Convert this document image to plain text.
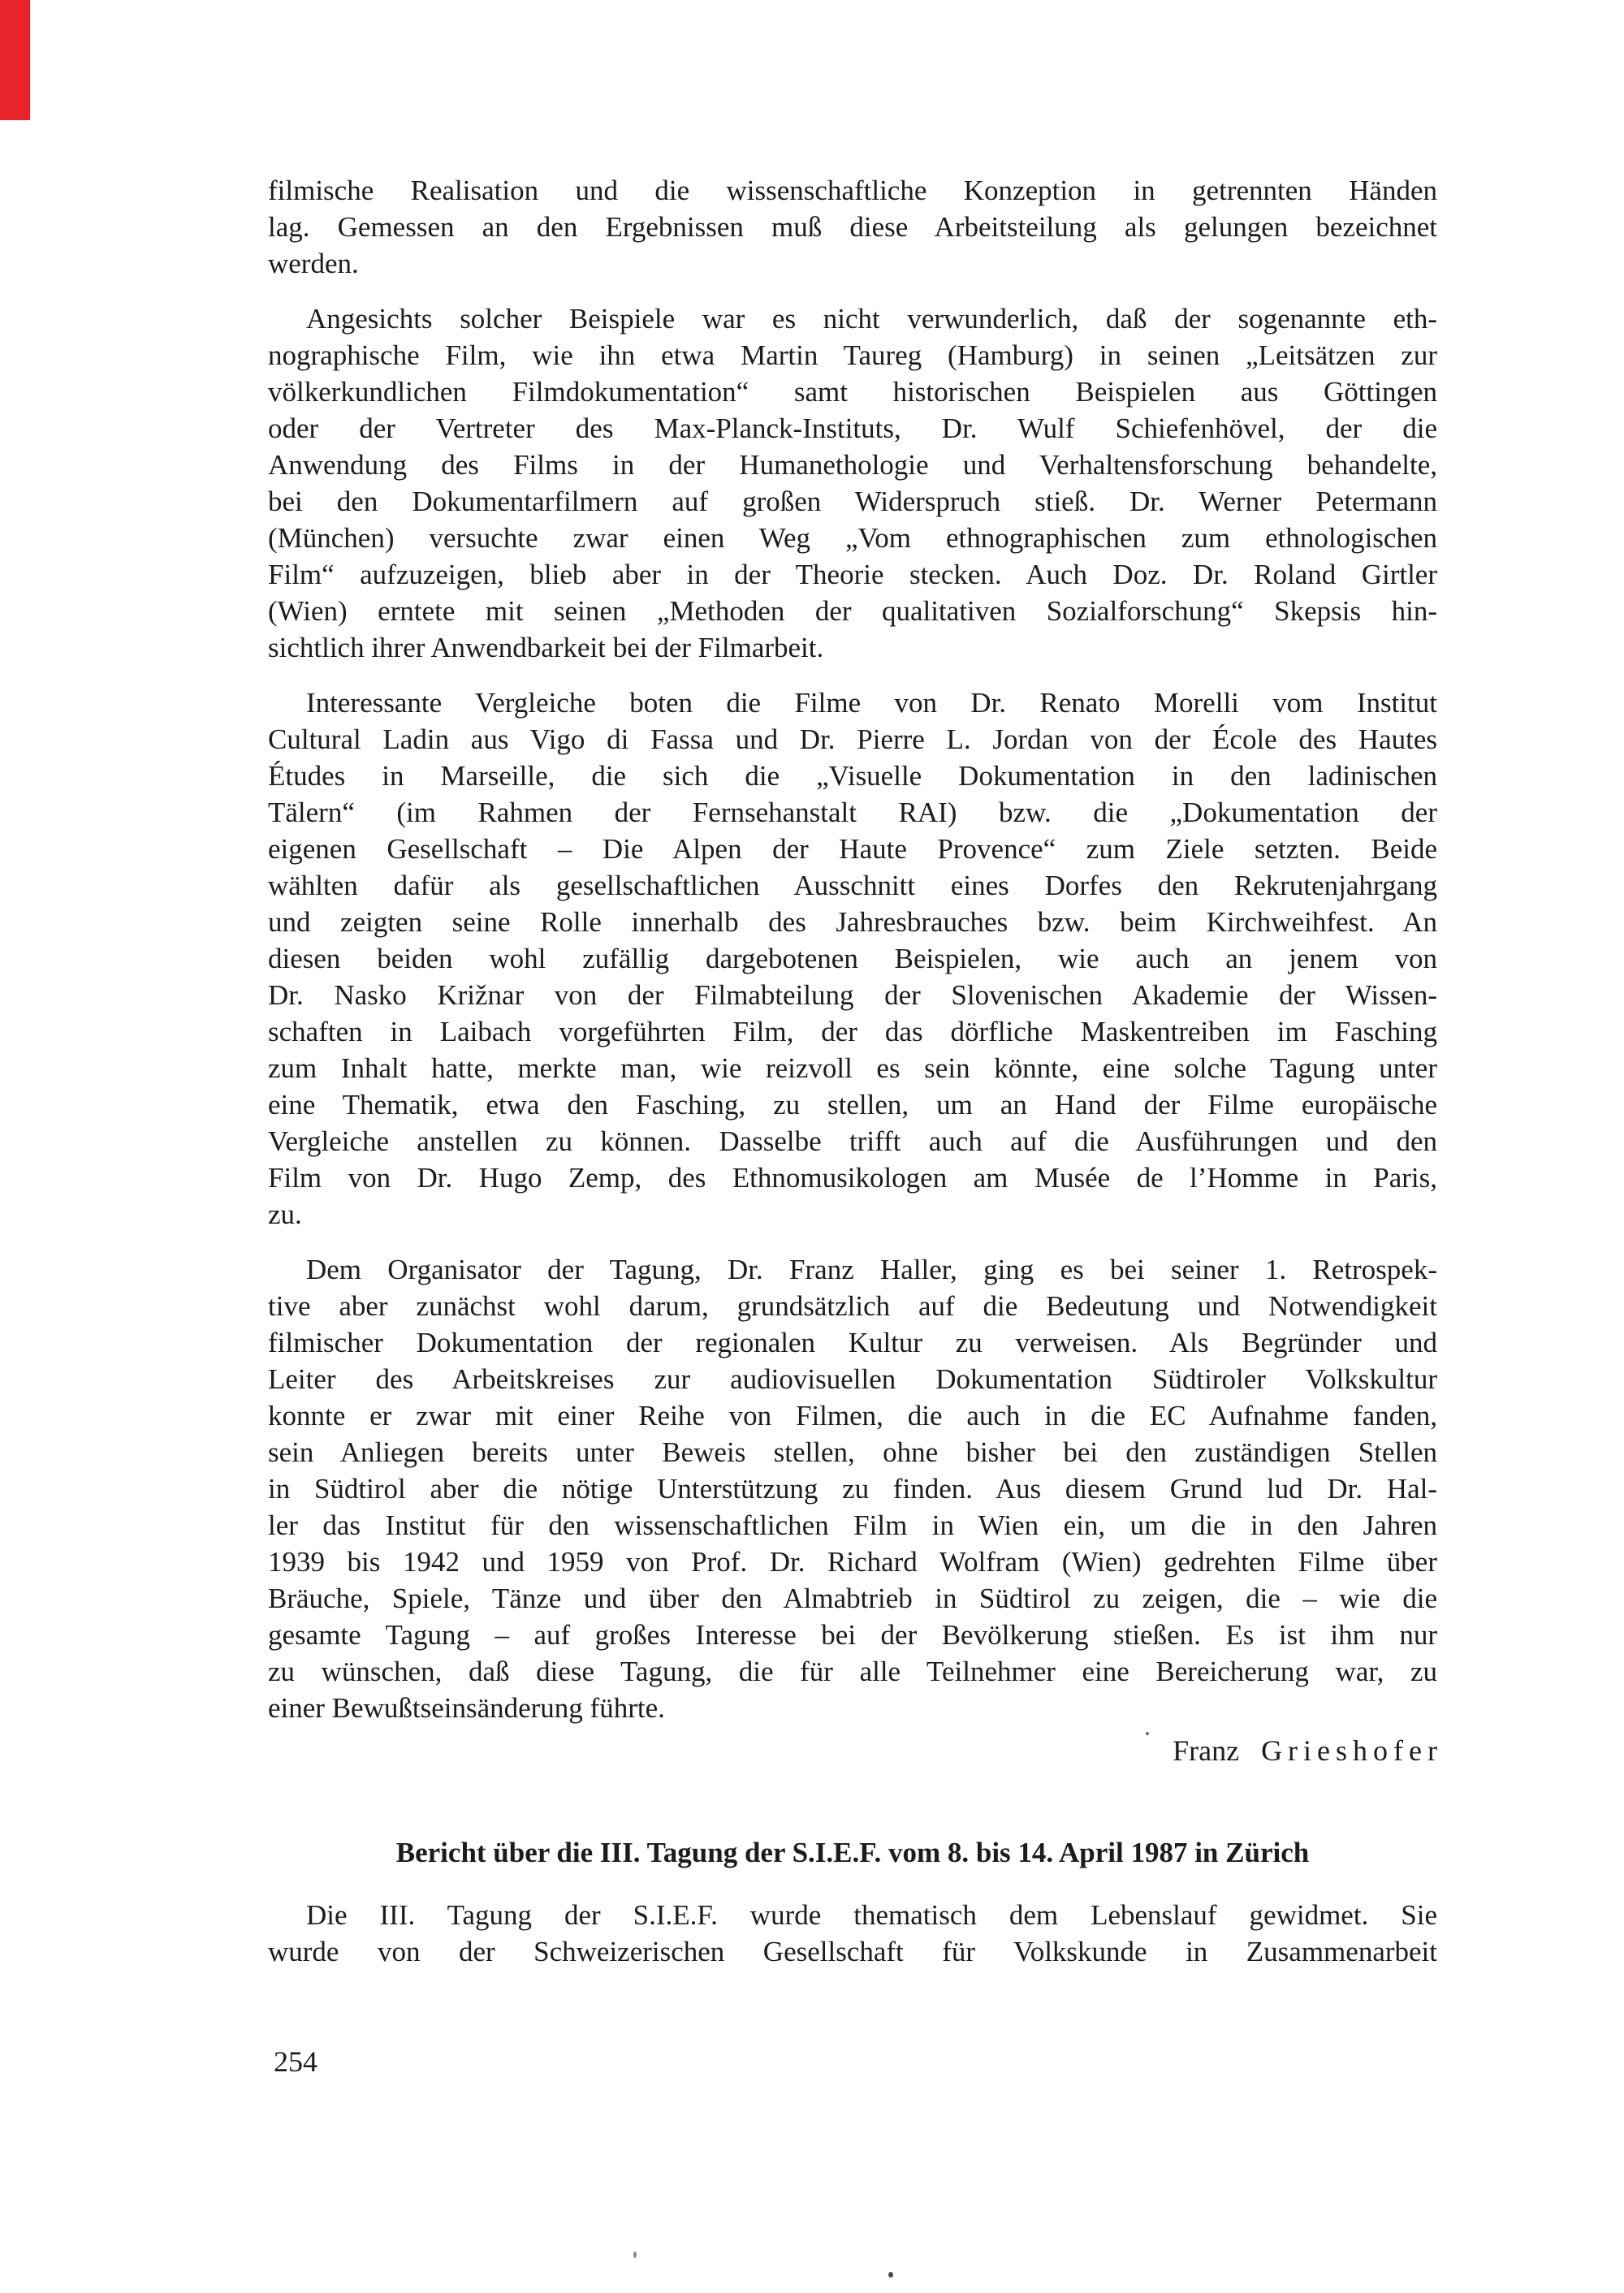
filmische Realisation und die wissenschaftliche Konzeption in getrennten Händen
lag. Gemessen an den Ergebnissen muß diese Arbeitsteilung als gelungen bezeichnet
werden.
Angesichts solcher Beispiele war es nicht verwunderlich, daß der sogenannte eth-
nographische Film, wie ihn etwa Martin Taureg (Hamburg) in seinen „Leitsätzen zur
völkerkundlichen Filmdokumentation“ samt historischen Beispielen aus Göttingen
oder der Vertreter des Max-Planck-Instituts, Dr. Wulf Schiefenhövel, der die
Anwendung des Films in der Humanethologie und Verhaltensforschung behandelte,
bei den Dokumentarfilmern auf großen Widerspruch stieß. Dr. Werner Petermann
(München) versuchte zwar einen Weg „Vom ethnographischen zum ethnologischen
Film“ aufzuzeigen, blieb aber in der Theorie stecken. Auch Doz. Dr. Roland Girtler
(Wien) erntete mit seinen „Methoden der qualitativen Sozialforschung“ Skepsis hin-
sichtlich ihrer Anwendbarkeit bei der Filmarbeit.
Interessante Vergleiche boten die Filme von Dr. Renato Morelli vom Institut
Cultural Ladin aus Vigo di Fassa und Dr. Pierre L. Jordan von der École des Hautes
Études in Marseille, die sich die „Visuelle Dokumentation in den ladinischen
Tälern“ (im Rahmen der Fernsehanstalt RAI) bzw. die „Dokumentation der
eigenen Gesellschaft – Die Alpen der Haute Provence“ zum Ziele setzten. Beide
wählten dafür als gesellschaftlichen Ausschnitt eines Dorfes den Rekrutenjahrgang
und zeigten seine Rolle innerhalb des Jahresbrauches bzw. beim Kirchweihfest. An
diesen beiden wohl zufällig dargebotenen Beispielen, wie auch an jenem von
Dr. Nasko Križnar von der Filmabteilung der Slovenischen Akademie der Wissen-
schaften in Laibach vorgeführten Film, der das dörfliche Maskentreiben im Fasching
zum Inhalt hatte, merkte man, wie reizvoll es sein könnte, eine solche Tagung unter
eine Thematik, etwa den Fasching, zu stellen, um an Hand der Filme europäische
Vergleiche anstellen zu können. Dasselbe trifft auch auf die Ausführungen und den
Film von Dr. Hugo Zemp, des Ethnomusikologen am Musée de l’Homme in Paris,
zu.
Dem Organisator der Tagung, Dr. Franz Haller, ging es bei seiner 1. Retrospek-
tive aber zunächst wohl darum, grundsätzlich auf die Bedeutung und Notwendigkeit
filmischer Dokumentation der regionalen Kultur zu verweisen. Als Begründer und
Leiter des Arbeitskreises zur audiovisuellen Dokumentation Südtiroler Volkskultur
konnte er zwar mit einer Reihe von Filmen, die auch in die EC Aufnahme fanden,
sein Anliegen bereits unter Beweis stellen, ohne bisher bei den zuständigen Stellen
in Südtirol aber die nötige Unterstützung zu finden. Aus diesem Grund lud Dr. Hal-
ler das Institut für den wissenschaftlichen Film in Wien ein, um die in den Jahren
1939 bis 1942 und 1959 von Prof. Dr. Richard Wolfram (Wien) gedrehten Filme über
Bräuche, Spiele, Tänze und über den Almabtrieb in Südtirol zu zeigen, die – wie die
gesamte Tagung – auf großes Interesse bei der Bevölkerung stießen. Es ist ihm nur
zu wünschen, daß diese Tagung, die für alle Teilnehmer eine Bereicherung war, zu
einer Bewußtseinsänderung führte.
Franz Grieshofer
Bericht über die III. Tagung der S.I.E.F. vom 8. bis 14. April 1987 in Zürich
Die III. Tagung der S.I.E.F. wurde thematisch dem Lebenslauf gewidmet. Sie
wurde von der Schweizerischen Gesellschaft für Volkskunde in Zusammenarbeit
254
